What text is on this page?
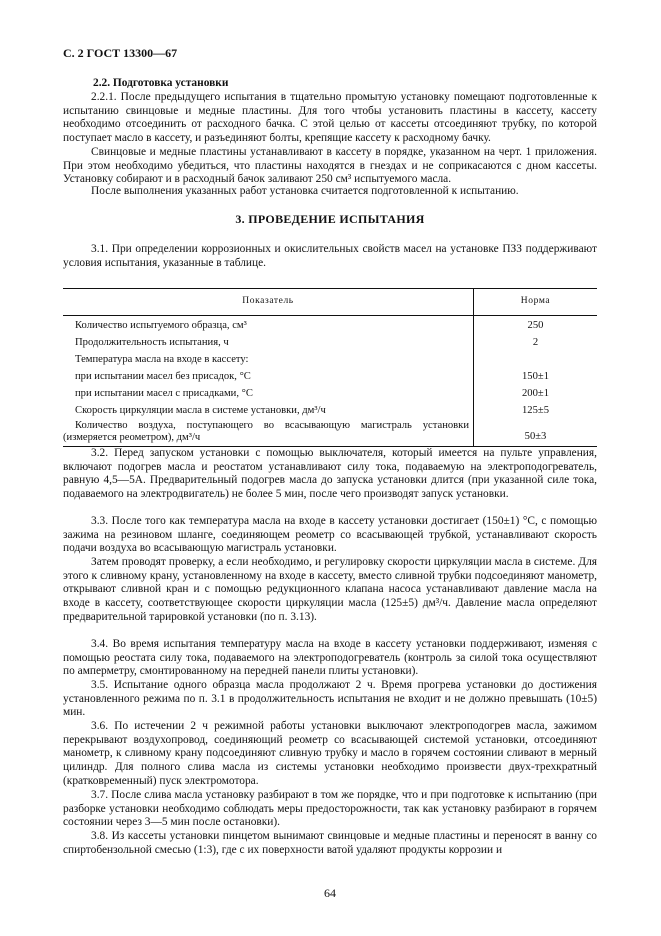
С. 2 ГОСТ 13300—67
2.2. Подготовка установки

2.2.1. После предыдущего испытания в тщательно промытую установку помещают подготовленные к испытанию свинцовые и медные пластины. Для того чтобы установить пластины в кассету, кассету необходимо отсоединить от расходного бачка. С этой целью от кассеты отсоединяют трубку, по которой поступает масло в кассету, и разъединяют болты, крепящие кассету к расходному бачку.

Свинцовые и медные пластины устанавливают в кассету в порядке, указанном на черт. 1 приложения. При этом необходимо убедиться, что пластины находятся в гнездах и не соприкасаются с дном кассеты. Установку собирают и в расходный бачок заливают 250 см³ испытуемого масла.

После выполнения указанных работ установка считается подготовленной к испытанию.

3. ПРОВЕДЕНИЕ ИСПЫТАНИЯ

3.1. При определении коррозионных и окислительных свойств масел на установке ПЗЗ поддерживают условия испытания, указанные в таблице.

Показатель	Норма
Количество испытуемого образца, см³	250
Продолжительность испытания, ч	2
Температура масла на входе в кассету:	
при испытании масел без присадок, °С	150±1
при испытании масел с присадками, °С	200±1
Скорость циркуляции масла в системе установки, дм³/ч	125±5

Количество воздуха, поступающего во всасывающую магистраль установки (измеряется реометром), дм³/ч	50±3

3.2. Перед запуском установки с помощью выключателя, который имеется на пульте управления, включают подогрев масла и реостатом устанавливают силу тока, подаваемую на электроподогреватель, равную 4,5—5А. Предварительный подогрев масла до запуска установки длится (при указанной силе тока, подаваемого на электродвигатель) не более 5 мин, после чего производят запуск установки.

3.3. После того как температура масла на входе в кассету установки достигает (150±1) °С, с помощью зажима на резиновом шланге, соединяющем реометр со всасывающей трубкой, устанавливают скорость подачи воздуха во всасывающую магистраль установки.

Затем проводят проверку, а если необходимо, и регулировку скорости циркуляции масла в системе. Для этого к сливному крану, установленному на входе в кассету, вместо сливной трубки подсоединяют манометр, открывают сливной кран и с помощью редукционного клапана насоса устанавливают давление масла на входе в кассету, соответствующее скорости циркуляции масла (125±5) дм³/ч. Давление масла определяют предварительной тарировкой установки (по п. 3.13).

3.4. Во время испытания температуру масла на входе в кассету установки поддерживают, изменяя с помощью реостата силу тока, подаваемого на электроподогреватель (контроль за силой тока осуществляют по амперметру, смонтированному на передней панели плиты установки).

3.5. Испытание одного образца масла продолжают 2 ч. Время прогрева установки до достижения установленного режима по п. 3.1 в продолжительность испытания не входит и не должно превышать (10±5) мин.

3.6. По истечении 2 ч режимной работы установки выключают электроподогрев масла, зажимом перекрывают воздухопровод, соединяющий реометр со всасывающей системой установки, отсоединяют манометр, к сливному крану подсоединяют сливную трубку и масло в горячем состоянии сливают в мерный цилиндр. Для полного слива масла из системы установки необходимо произвести двух-трехкратный (кратковременный) пуск электромотора.

3.7. После слива масла установку разбирают в том же порядке, что и при подготовке к испытанию (при разборке установки необходимо соблюдать меры предосторожности, так как установку разбирают в горячем состоянии через 3—5 мин после остановки).

3.8. Из кассеты установки пинцетом вынимают свинцовые и медные пластины и переносят в ванну со спиртобензольной смесью (1:3), где с их поверхности ватой удаляют продукты коррозии и

64
